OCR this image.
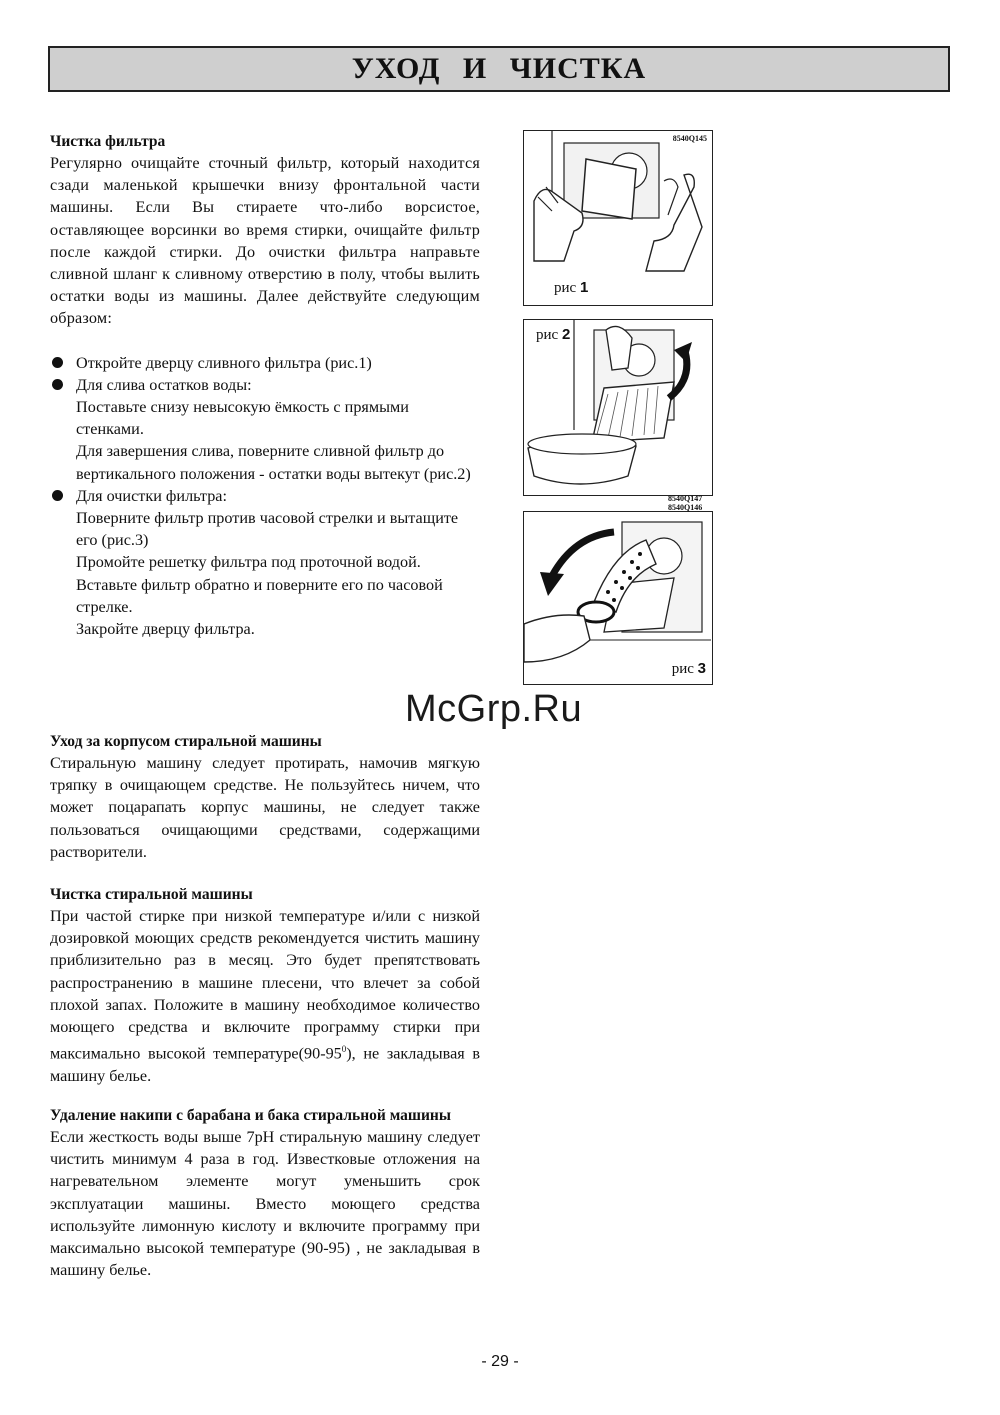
УХОД И ЧИСТКА
Чистка фильтра

Регулярно очищайте сточный фильтр, который находится сзади маленькой крышечки внизу фронтальной части машины. Если Вы стираете что-либо ворсистое, оставляющее ворсинки во время стирки, очищайте фильтр после каждой стирки. До очистки фильтра направьте сливной шланг к сливному отверстию в полу, чтобы вылить остатки воды из машины. Далее действуйте следующим образом:

Откройте дверцу сливного фильтра (рис.1)
Для слива остатков воды:
Поставьте снизу невысокую ёмкость с прямыми стенками.
Для завершения слива, поверните сливной фильтр до вертикального положения - остатки воды вытекут (рис.2)
Для очистки фильтра:
Поверните фильтр против часовой стрелки и вытащите его (рис.3)
Промойте решетку фильтра под проточной водой.
Вставьте фильтр обратно и поверните его по часовой стрелке.
Закройте дверцу фильтра.
8540Q145
рис 1
рис 2
8540Q147
рис 3
8540Q146
McGrp.Ru
Уход за корпусом стиральной машины

Стиральную машину следует протирать, намочив мягкую тряпку в очищающем средстве. Не пользуйтесь ничем, что может поцарапать корпус машины, не следует также пользоваться очищающими средствами, содержащими растворители.

Чистка стиральной машины

При частой стирке при низкой температуре и/или с низкой дозировкой моющих средств рекомендуется чистить машину приблизительно раз в месяц. Это будет препятствовать распространению в машине плесени, что влечет за собой плохой запах. Положите в машину необходимое количество моющего средства и включите программу стирки при максимально высокой $температуре(90-95^0)$, не закладывая в машину белье.

Удаление накипи с барабана и бака стиральной машины

Если жесткость воды выше 7pH стиральную машину следует чистить минимум 4 раза в год. Известковые отложения на нагревательном элементе могут уменьшить срок эксплуатации машины. Вместо моющего средства используйте лимонную кислоту и включите программу при максимально высокой температуре (90-95) , не закладывая в машину белье.

- 29 -
